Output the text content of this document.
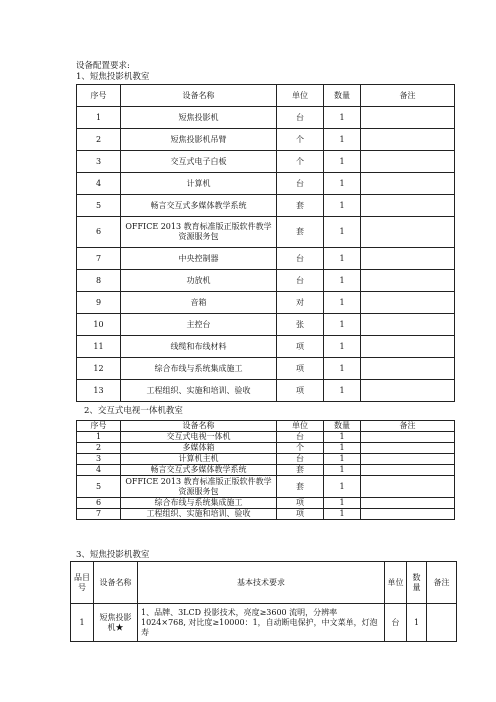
设备配置要求:
1、短焦投影机教室
序号	设备名称	单位	数量	备注
1	短焦投影机	台	1	
2	短焦投影机吊臂	个	1	
3	交互式电子白板	个	1	
4	计算机	台	1	
5	畅言交互式多媒体教学系统	套	1	
6	OFFICE 2013 教育标准版正版软件教学资源服务包	套	1	
7	中央控制器	台	1	
8	功放机	台	1	
9	音箱	对	1	
10	主控台	张	1	
11	线缆和布线材料	项	1	
12	综合布线与系统集成施工	项	1	
13	工程组织、实施和培训、验收	项	1	
2、交互式电视一体机教室
序号	设备名称	单位	数量	备注
1	交互式电视一体机	台	1	
2	多媒体箱	个	1	
3	计算机主机	台	1	
4	畅言交互式多媒体教学系统	套	1	
5	OFFICE 2013 教育标准版正版软件教学资源服务包	套	1	
6	综合布线与系统集成施工	项	1	
7	工程组织、实施和培训、验收	项	1	
3、短焦投影机教室
品目号	设备名称	基本技术要求	单位	数量	备注
1	短焦投影机★	1、品牌、3LCD 投影技术，亮度≥3600 流明，分辨率 1024×768, 对比度≥10000：1，自动断电保护，中文菜单，灯泡寿	台	1	
